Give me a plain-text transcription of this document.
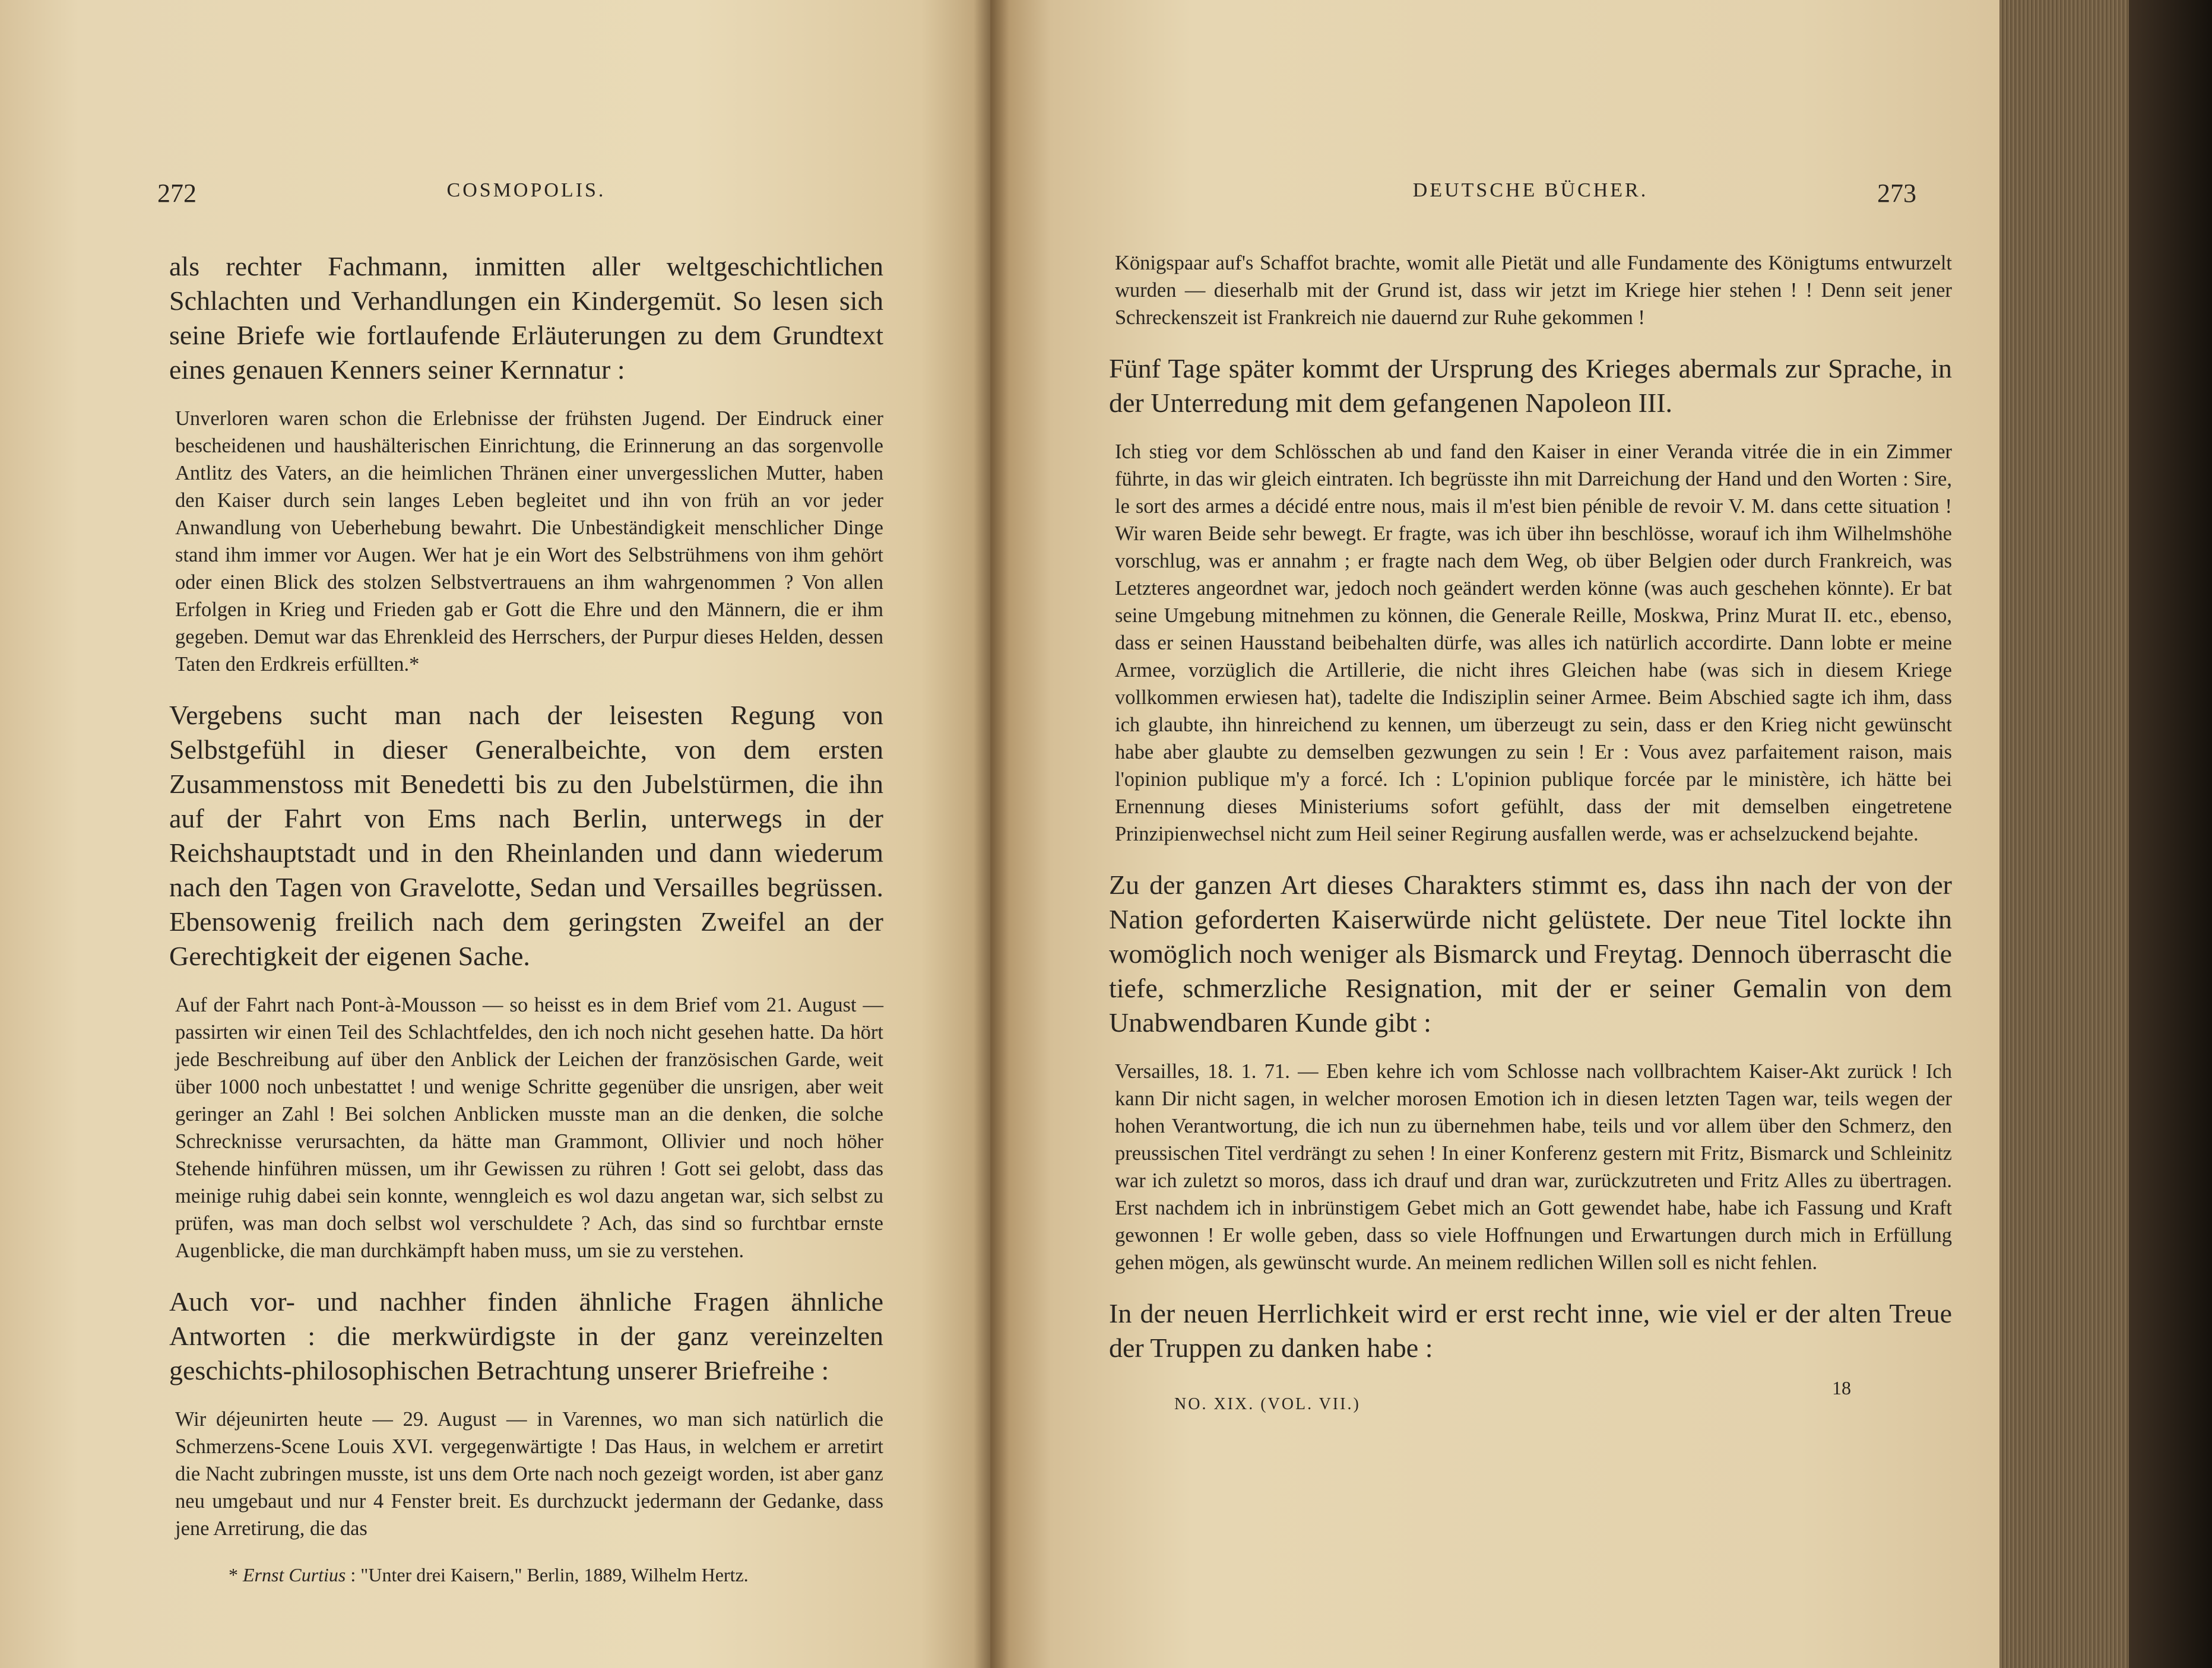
272	COSMOPOLIS.

als rechter Fachmann, inmitten aller weltgeschichtlichen Schlachten und Verhandlungen ein Kindergemüt. So lesen sich seine Briefe wie fortlaufende Erläuterungen zu dem Grundtext eines genauen Kenners seiner Kernnatur :

Unverloren waren schon die Erlebnisse der frühsten Jugend. Der Eindruck einer bescheidenen und haushälterischen Einrichtung, die Erinnerung an das sorgenvolle Antlitz des Vaters, an die heimlichen Thränen einer unvergesslichen Mutter, haben den Kaiser durch sein langes Leben begleitet und ihn von früh an vor jeder Anwandlung von Ueberhebung bewahrt. Die Unbeständigkeit menschlicher Dinge stand ihm immer vor Augen. Wer hat je ein Wort des Selbstrühmens von ihm gehört oder einen Blick des stolzen Selbstvertrauens an ihm wahrgenommen ? Von allen Erfolgen in Krieg und Frieden gab er Gott die Ehre und den Männern, die er ihm gegeben. Demut war das Ehrenkleid des Herrschers, der Purpur dieses Helden, dessen Taten den Erdkreis erfüllten.*

Vergebens sucht man nach der leisesten Regung von Selbstgefühl in dieser Generalbeichte, von dem ersten Zusammenstoss mit Benedetti bis zu den Jubelstürmen, die ihn auf der Fahrt von Ems nach Berlin, unterwegs in der Reichshauptstadt und in den Rheinlanden und dann wiederum nach den Tagen von Gravelotte, Sedan und Versailles begrüssen. Ebensowenig freilich nach dem geringsten Zweifel an der Gerechtigkeit der eigenen Sache.

Auf der Fahrt nach Pont-à-Mousson — so heisst es in dem Brief vom 21. August — passirten wir einen Teil des Schlachtfeldes, den ich noch nicht gesehen hatte. Da hört jede Beschreibung auf über den Anblick der Leichen der französischen Garde, weit über 1000 noch unbestattet ! und wenige Schritte gegenüber die unsrigen, aber weit geringer an Zahl ! Bei solchen Anblicken musste man an die denken, die solche Schrecknisse verursachten, da hätte man Grammont, Ollivier und noch höher Stehende hinführen müssen, um ihr Gewissen zu rühren ! Gott sei gelobt, dass das meinige ruhig dabei sein konnte, wenngleich es wol dazu angetan war, sich selbst zu prüfen, was man doch selbst wol verschuldete ? Ach, das sind so furchtbar ernste Augenblicke, die man durchkämpft haben muss, um sie zu verstehen.

Auch vor- und nachher finden ähnliche Fragen ähnliche Antworten : die merkwürdigste in der ganz vereinzelten geschichts-philosophischen Betrachtung unserer Briefreihe :

Wir déjeunirten heute — 29. August — in Varennes, wo man sich natürlich die Schmerzens-Scene Louis XVI. vergegenwärtigte ! Das Haus, in welchem er arretirt die Nacht zubringen musste, ist uns dem Orte nach noch gezeigt worden, ist aber ganz neu umgebaut und nur 4 Fenster breit. Es durchzuckt jedermann der Gedanke, dass jene Arretirung, die das

* Ernst Curtius : "Unter drei Kaisern," Berlin, 1889, Wilhelm Hertz.

DEUTSCHE BÜCHER.	273

Königspaar auf's Schaffot brachte, womit alle Pietät und alle Fundamente des Königtums entwurzelt wurden — dieserhalb mit der Grund ist, dass wir jetzt im Kriege hier stehen ! ! Denn seit jener Schreckenszeit ist Frankreich nie dauernd zur Ruhe gekommen !

Fünf Tage später kommt der Ursprung des Krieges abermals zur Sprache, in der Unterredung mit dem gefangenen Napoleon III.

Ich stieg vor dem Schlösschen ab und fand den Kaiser in einer Veranda vitrée die in ein Zimmer führte, in das wir gleich eintraten. Ich begrüsste ihn mit Darreichung der Hand und den Worten : Sire, le sort des armes a décidé entre nous, mais il m'est bien pénible de revoir V. M. dans cette situation ! Wir waren Beide sehr bewegt. Er fragte, was ich über ihn beschlösse, worauf ich ihm Wilhelmshöhe vorschlug, was er annahm ; er fragte nach dem Weg, ob über Belgien oder durch Frankreich, was Letzteres angeordnet war, jedoch noch geändert werden könne (was auch geschehen könnte). Er bat seine Umgebung mitnehmen zu können, die Generale Reille, Moskwa, Prinz Murat II. etc., ebenso, dass er seinen Hausstand beibehalten dürfe, was alles ich natürlich accordirte. Dann lobte er meine Armee, vorzüglich die Artillerie, die nicht ihres Gleichen habe (was sich in diesem Kriege vollkommen erwiesen hat), tadelte die Indisziplin seiner Armee. Beim Abschied sagte ich ihm, dass ich glaubte, ihn hinreichend zu kennen, um überzeugt zu sein, dass er den Krieg nicht gewünscht habe aber glaubte zu demselben gezwungen zu sein ! Er : Vous avez parfaitement raison, mais l'opinion publique m'y a forcé. Ich : L'opinion publique forcée par le ministère, ich hätte bei Ernennung dieses Ministeriums sofort gefühlt, dass der mit demselben eingetretene Prinzipienwechsel nicht zum Heil seiner Regirung ausfallen werde, was er achselzuckend bejahte.

Zu der ganzen Art dieses Charakters stimmt es, dass ihn nach der von der Nation geforderten Kaiserwürde nicht gelüstete. Der neue Titel lockte ihn womöglich noch weniger als Bismarck und Freytag. Dennoch überrascht die tiefe, schmerzliche Resignation, mit der er seiner Gemalin von dem Unabwendbaren Kunde gibt :

Versailles, 18. 1. 71. — Eben kehre ich vom Schlosse nach vollbrachtem Kaiser-Akt zurück ! Ich kann Dir nicht sagen, in welcher morosen Emotion ich in diesen letzten Tagen war, teils wegen der hohen Verantwortung, die ich nun zu übernehmen habe, teils und vor allem über den Schmerz, den preussischen Titel verdrängt zu sehen ! In einer Konferenz gestern mit Fritz, Bismarck und Schleinitz war ich zuletzt so moros, dass ich drauf und dran war, zurückzutreten und Fritz Alles zu übertragen. Erst nachdem ich in inbrünstigem Gebet mich an Gott gewendet habe, habe ich Fassung und Kraft gewonnen ! Er wolle geben, dass so viele Hoffnungen und Erwartungen durch mich in Erfüllung gehen mögen, als gewünscht wurde. An meinem redlichen Willen soll es nicht fehlen.

In der neuen Herrlichkeit wird er erst recht inne, wie viel er der alten Treue der Truppen zu danken habe :

NO. XIX. (VOL. VII.)
18
